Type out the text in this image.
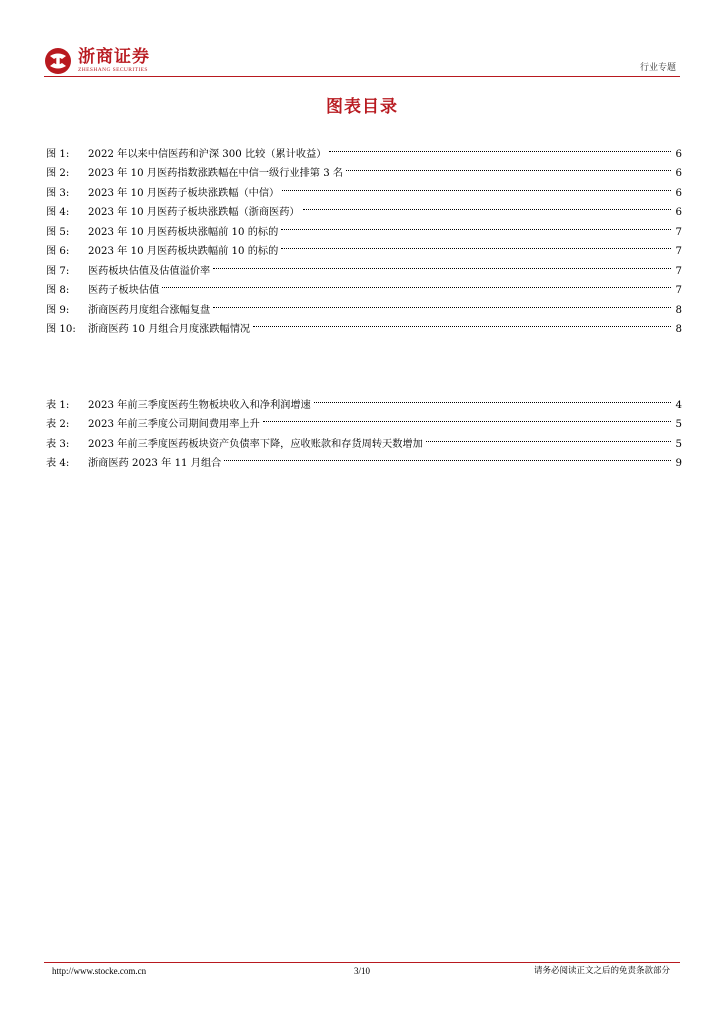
浙商证券
ZHESHANG SECURITIES	行业专题
图表目录
图 1:	2022 年以来中信医药和沪深 300 比较（累计收益）	6
图 2:	2023 年 10 月医药指数涨跌幅在中信一级行业排第 3 名	6
图 3:	2023 年 10 月医药子板块涨跌幅（中信）	6
图 4:	2023 年 10 月医药子板块涨跌幅（浙商医药）	6
图 5:	2023 年 10 月医药板块涨幅前 10 的标的	7
图 6:	2023 年 10 月医药板块跌幅前 10 的标的	7
图 7:	医药板块估值及估值溢价率	7
图 8:	医药子板块估值	7
图 9:	浙商医药月度组合涨幅复盘	8
图 10:	浙商医药 10 月组合月度涨跌幅情况	8
表 1:	2023 年前三季度医药生物板块收入和净利润增速	4
表 2:	2023 年前三季度公司期间费用率上升	5
表 3:	2023 年前三季度医药板块资产负债率下降，应收账款和存货周转天数增加	5
表 4:	浙商医药 2023 年 11 月组合	9
http://www.stocke.com.cn	3/10	请务必阅读正文之后的免责条款部分
